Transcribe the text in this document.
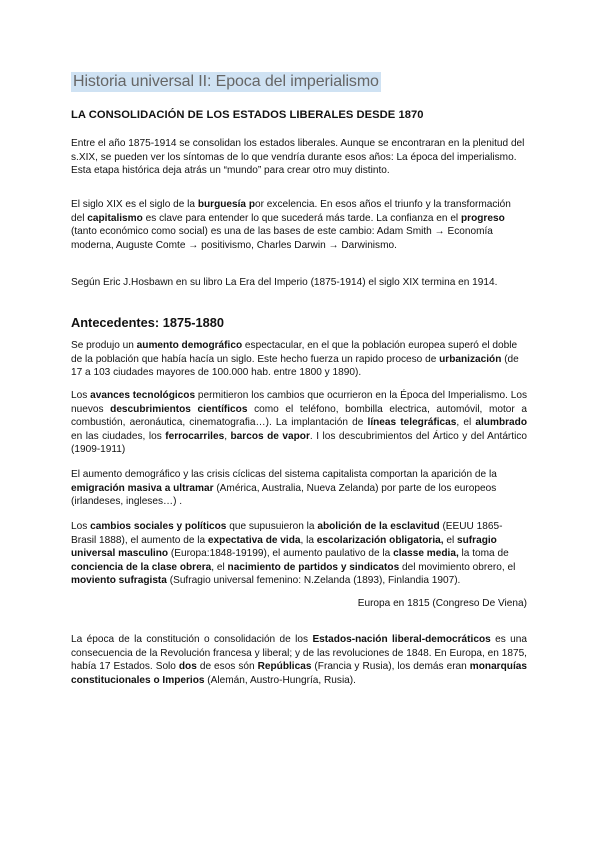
Historia universal II: Epoca del imperialismo
LA CONSOLIDACIÓN DE LOS ESTADOS LIBERALES DESDE 1870

Entre el año 1875-1914 se consolidan los estados liberales. Aunque se encontraran en la plenitud del s.XIX, se pueden ver los síntomas de lo que vendría durante esos años: La época del imperialismo. Esta etapa histórica deja atrás un “mundo” para crear otro muy distinto.

El siglo XIX es el siglo de la burguesía por excelencia. En esos años el triunfo y la transformación del capitalismo es clave para entender lo que sucederá más tarde. La confianza en el progreso (tanto económico como social) es una de las bases de este cambio: Adam Smith → Economía moderna, Auguste Comte → positivismo, Charles Darwin → Darwinismo.

Según Eric J.Hosbawn en su libro La Era del Imperio (1875-1914) el siglo XIX termina en 1914.

Antecedentes: 1875-1880

Se produjo un aumento demográfico espectacular, en el que la población europea superó el doble de la población que había hacía un siglo. Este hecho fuerza un rapido proceso de urbanización (de 17 a 103 ciudades mayores de 100.000 hab. entre 1800 y 1890).

Los avances tecnológicos permitieron los cambios que ocurrieron en la Época del Imperialismo. Los nuevos descubrimientos científicos como el teléfono, bombilla electrica, automóvil, motor a combustión, aeronáutica, cinematografia…). La implantación de líneas telegráficas, el alumbrado en las ciudades, los ferrocarriles, barcos de vapor. I los descubrimientos del Ártico y del Antártico (1909-1911)

El aumento demográfico y las crisis cíclicas del sistema capitalista comportan la aparición de la emigración masiva a ultramar (América, Australia, Nueva Zelanda) por parte de los europeos (irlandeses, ingleses…) .

Los cambios sociales y políticos que supusuieron la abolición de la esclavitud (EEUU 1865-Brasil 1888), el aumento de la expectativa de vida, la escolarización obligatoria, el sufragio universal masculino (Europa:1848-19199), el aumento paulativo de la classe media, la toma de conciencia de la clase obrera, el nacimiento de partidos y sindicatos del movimiento obrero, el moviento sufragista (Sufragio universal femenino: N.Zelanda (1893), Finlandia 1907).

Europa en 1815 (Congreso De Viena)

La época de la constitución o consolidación de los Estados-nación liberal-democráticos es una consecuencia de la Revolución francesa y liberal; y de las revoluciones de 1848. En Europa, en 1875, había 17 Estados. Solo dos de esos són Repúblicas (Francia y Rusia), los demás eran monarquías constitucionales o Imperios (Alemán, Austro-Hungría, Rusia).
